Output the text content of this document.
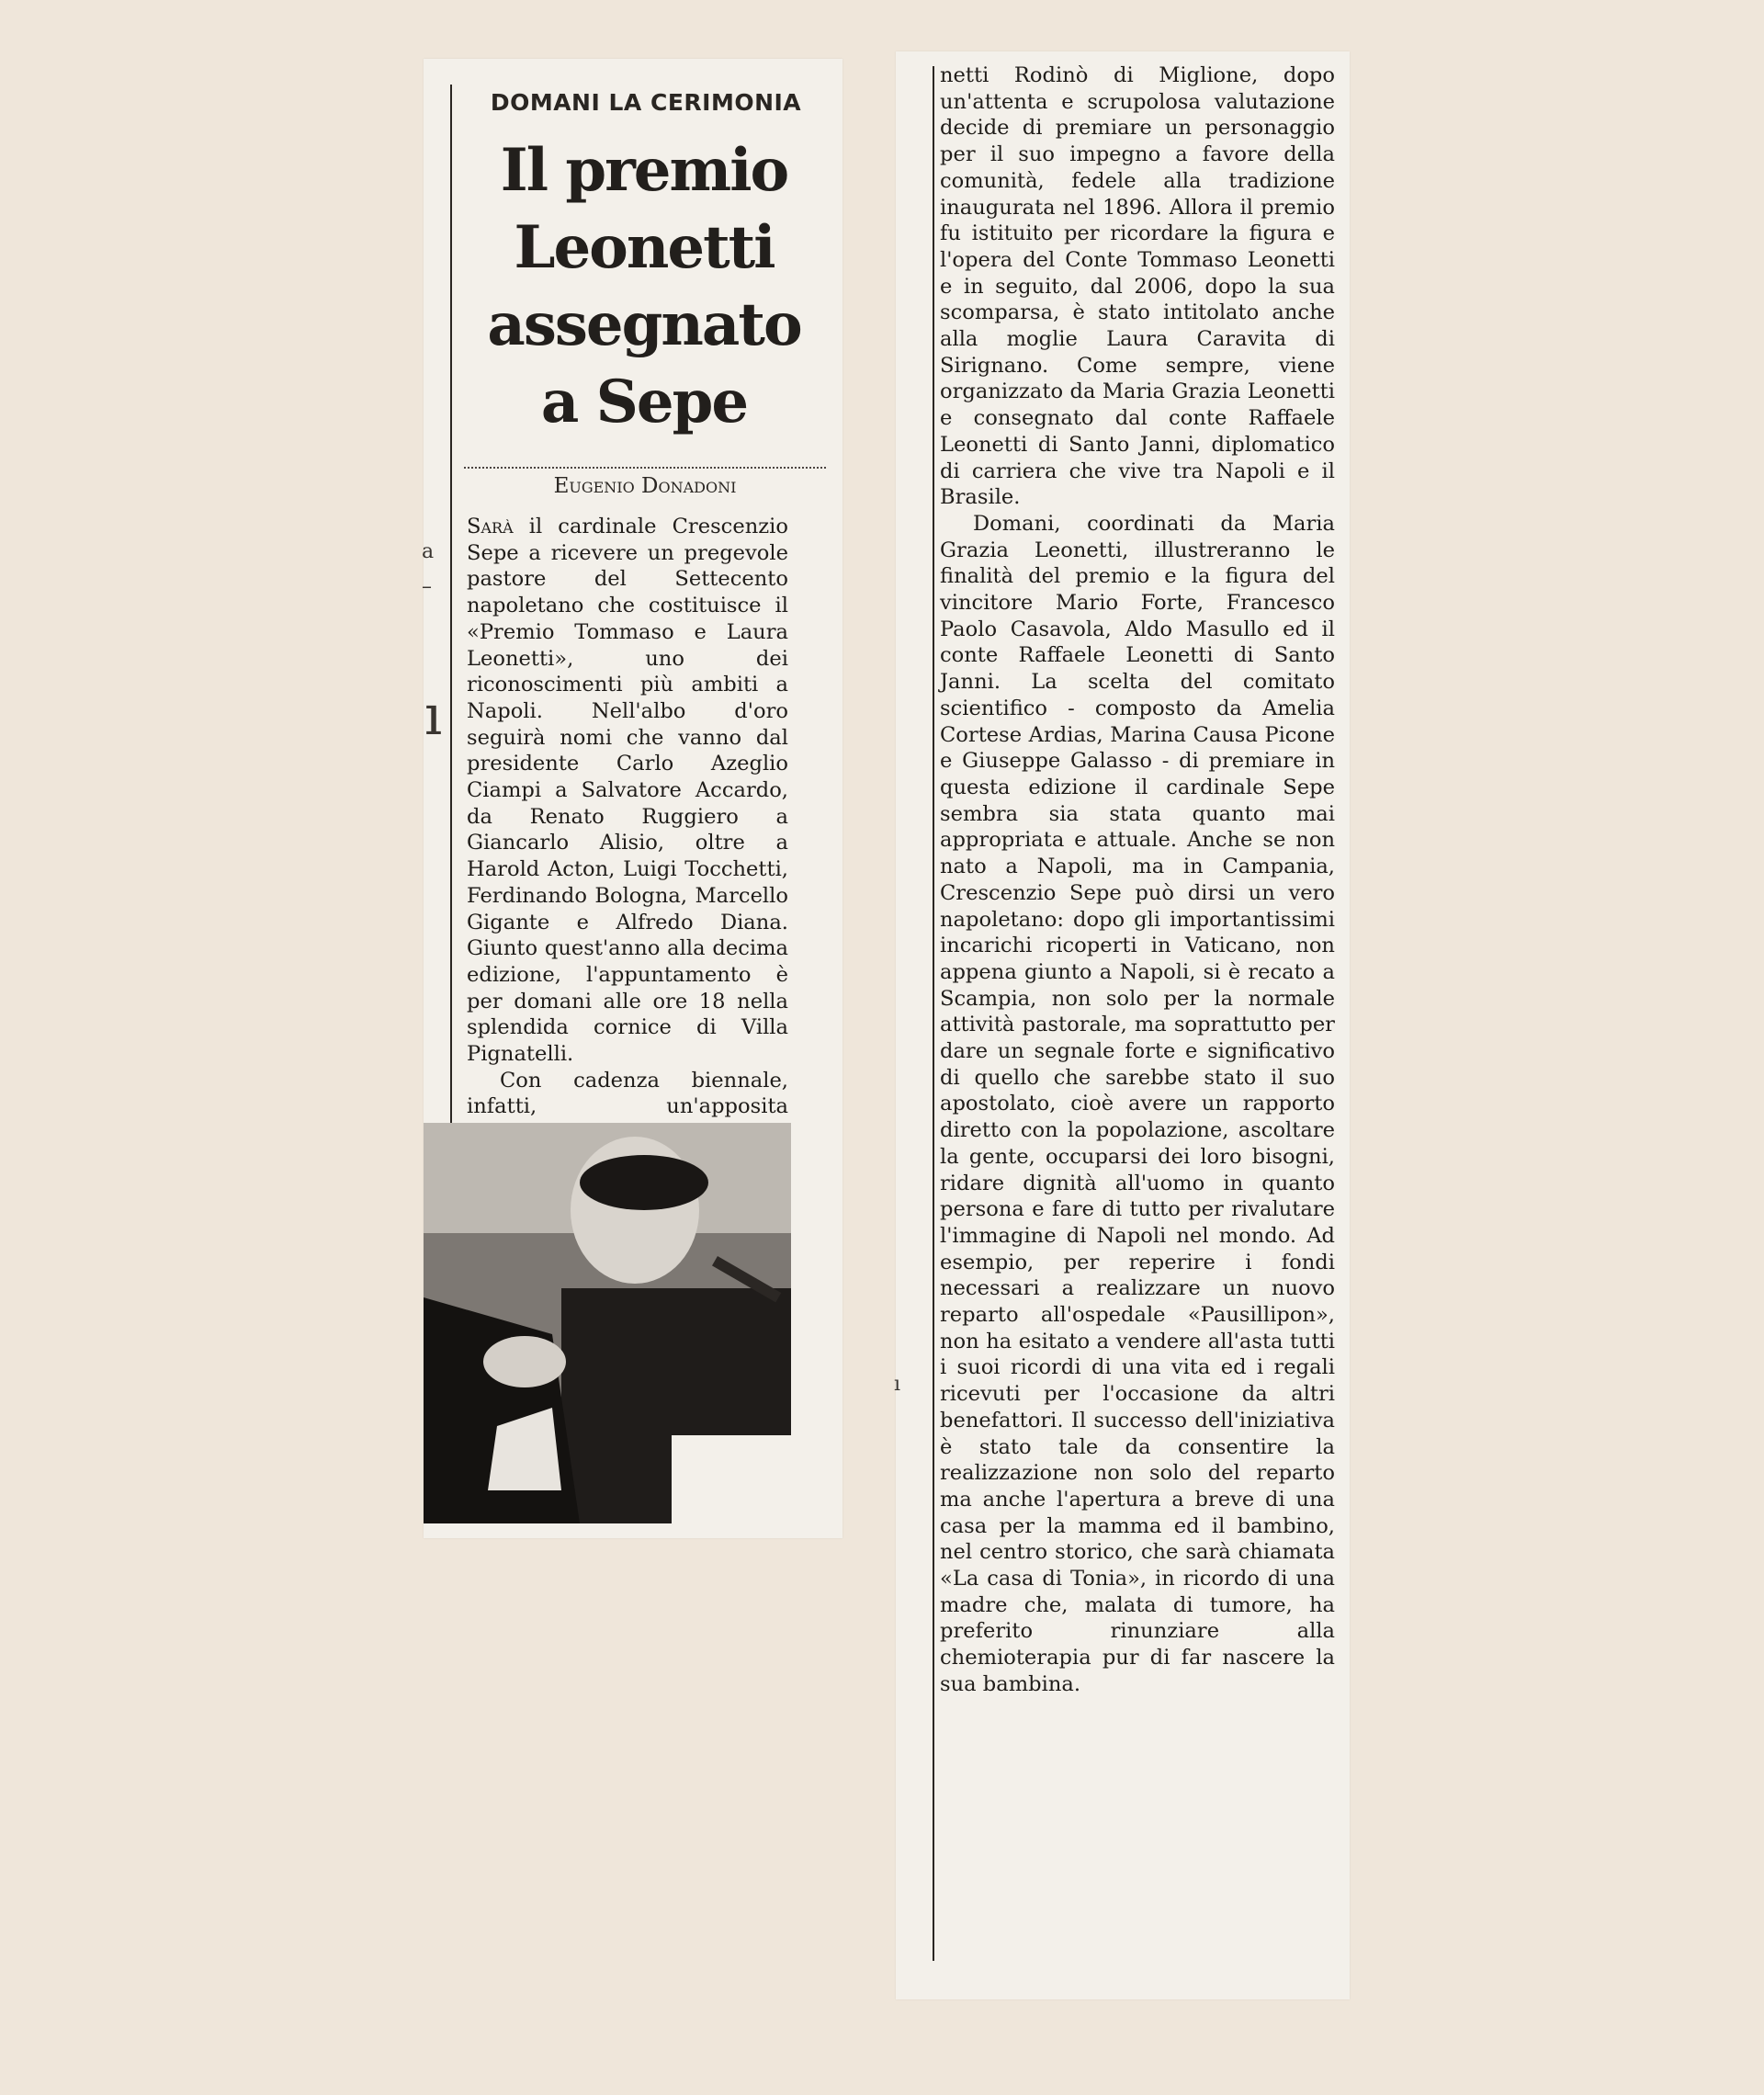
DOMANI LA CERIMONIA
Il premio Leonetti assegnato a Sepe
Eugenio Donadoni

Sarà il cardinale Crescenzio Sepe a ricevere un pregevole pastore del Settecento napoletano che costituisce il «Premio Tommaso e Laura Leonetti», uno dei riconoscimenti più ambiti a Napoli. Nell'albo d'oro seguirà nomi che vanno dal presidente Carlo Azeglio Ciampi a Salvatore Accardo, da Renato Ruggiero a Giancarlo Alisio, oltre a Harold Acton, Luigi Tocchetti, Ferdinando Bologna, Marcello Gigante e Alfredo Diana. Giunto quest'anno alla decima edizione, l'appuntamento è per domani alle ore 18 nella splendida cornice di Villa Pignatelli.

Con cadenza biennale, infatti, un'apposita

netti Rodinò di Miglione, dopo un'attenta e scrupolosa valutazione decide di premiare un personaggio per il suo impegno a favore della comunità, fedele alla tradizione inaugurata nel 1896. Allora il premio fu istituito per ricordare la figura e l'opera del Conte Tommaso Leonetti e in seguito, dal 2006, dopo la sua scomparsa, è stato intitolato anche alla moglie Laura Caravita di Sirignano. Come sempre, viene organizzato da Maria Grazia Leonetti e consegnato dal conte Raffaele Leonetti di Santo Janni, diplomatico di carriera che vive tra Napoli e il Brasile.

Domani, coordinati da Maria Grazia Leonetti, illustreranno le finalità del premio e la figura del vincitore Mario Forte, Francesco Paolo Casavola, Aldo Masullo ed il conte Raffaele Leonetti di Santo Janni. La scelta del comitato scientifico - composto da Amelia Cortese Ardias, Marina Causa Picone e Giuseppe Galasso - di premiare in questa edizione il cardinale Sepe sembra sia stata quanto mai appropriata e attuale. Anche se non nato a Napoli, ma in Campania, Crescenzio Sepe può dirsi un vero napoletano: dopo gli importantissimi incarichi ricoperti in Vaticano, non appena giunto a Napoli, si è recato a Scampia, non solo per la normale attività pastorale, ma soprattutto per dare un segnale forte e significativo di quello che sarebbe stato il suo apostolato, cioè avere un rapporto diretto con la popolazione, ascoltare la gente, occuparsi dei loro bisogni, ridare dignità all'uomo in quanto persona e fare di tutto per rivalutare l'immagine di Napoli nel mondo. Ad esempio, per reperire i fondi necessari a realizzare un nuovo reparto all'ospedale «Pausillipon», non ha esitato a vendere all'asta tutti i suoi ricordi di una vita ed i regali ricevuti per l'occasione da altri benefattori. Il successo dell'iniziativa è stato tale da consentire la realizzazione non solo del reparto ma anche l'apertura a breve di una casa per la mamma ed il bambino, nel centro storico, che sarà chiamata «La casa di Tonia», in ricordo di una madre che, malata di tumore, ha preferito rinunziare alla chemioterapia pur di far nascere la sua bambina.

a
–
ı
ı
